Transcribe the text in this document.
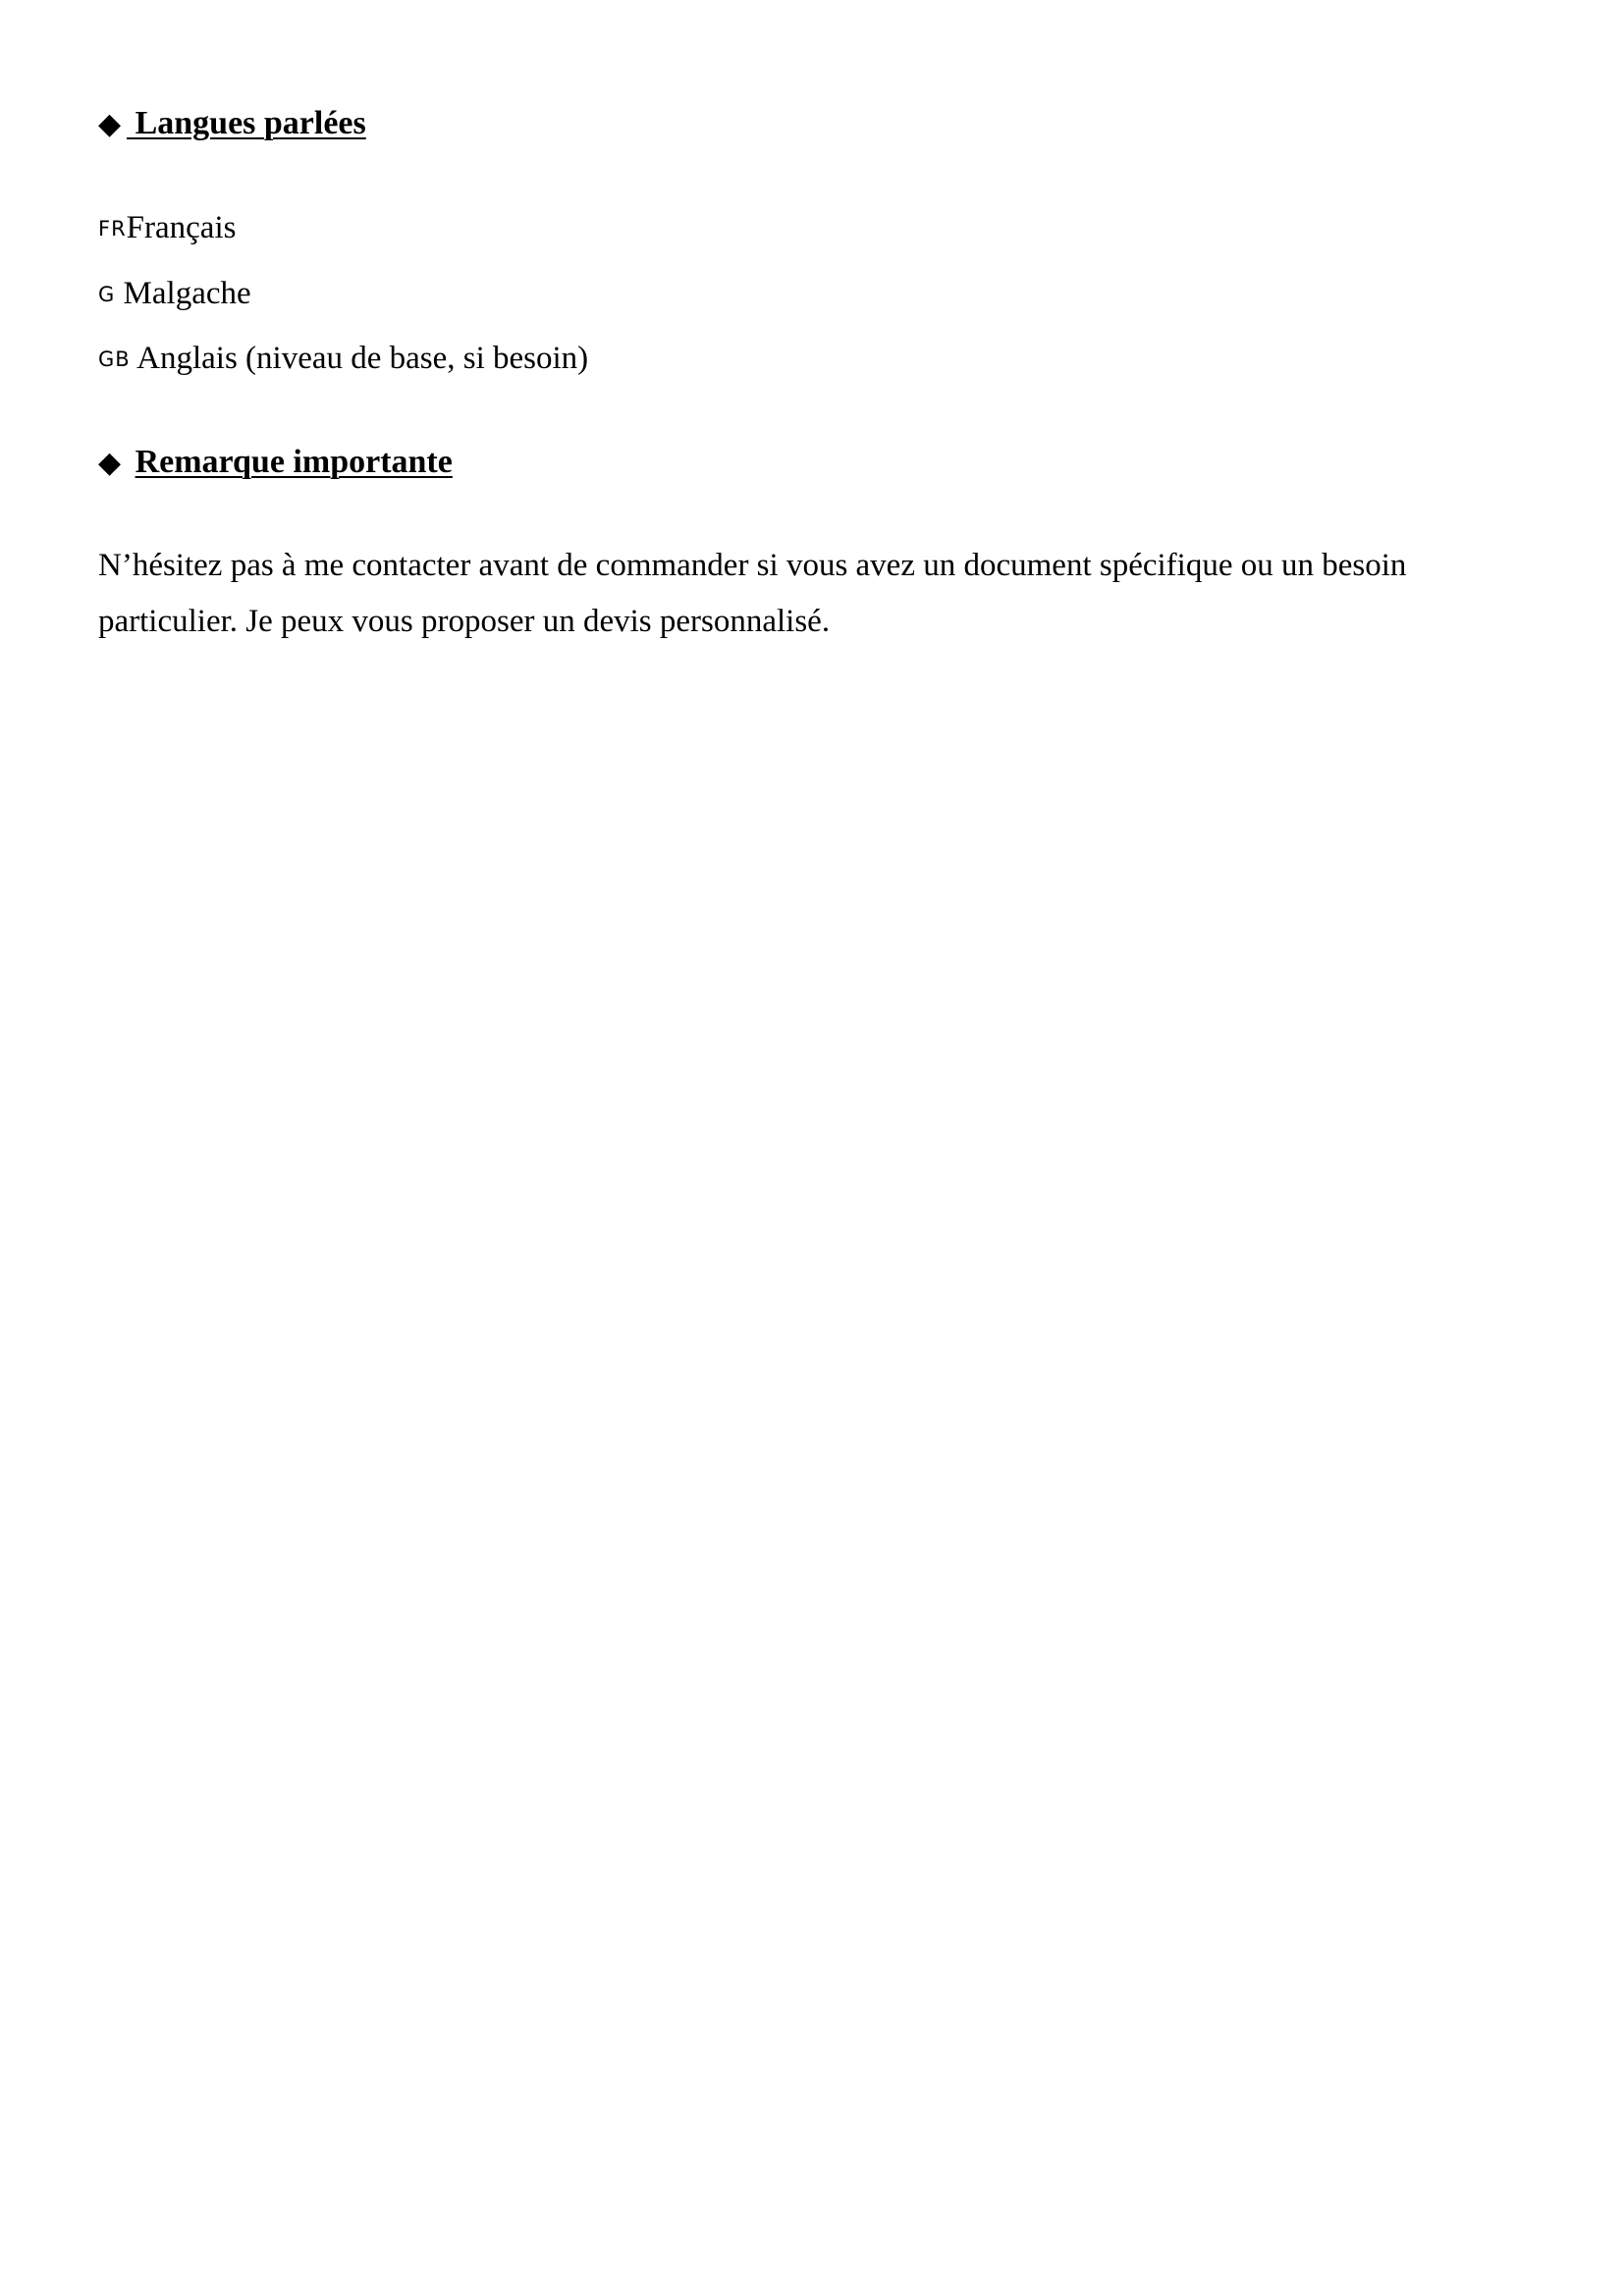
◆ Langues parlées
FRFrançais
G Malgache
GB Anglais (niveau de base, si besoin)
◆ Remarque importante
N’hésitez pas à me contacter avant de commander si vous avez un document spécifique ou un besoin particulier. Je peux vous proposer un devis personnalisé.
